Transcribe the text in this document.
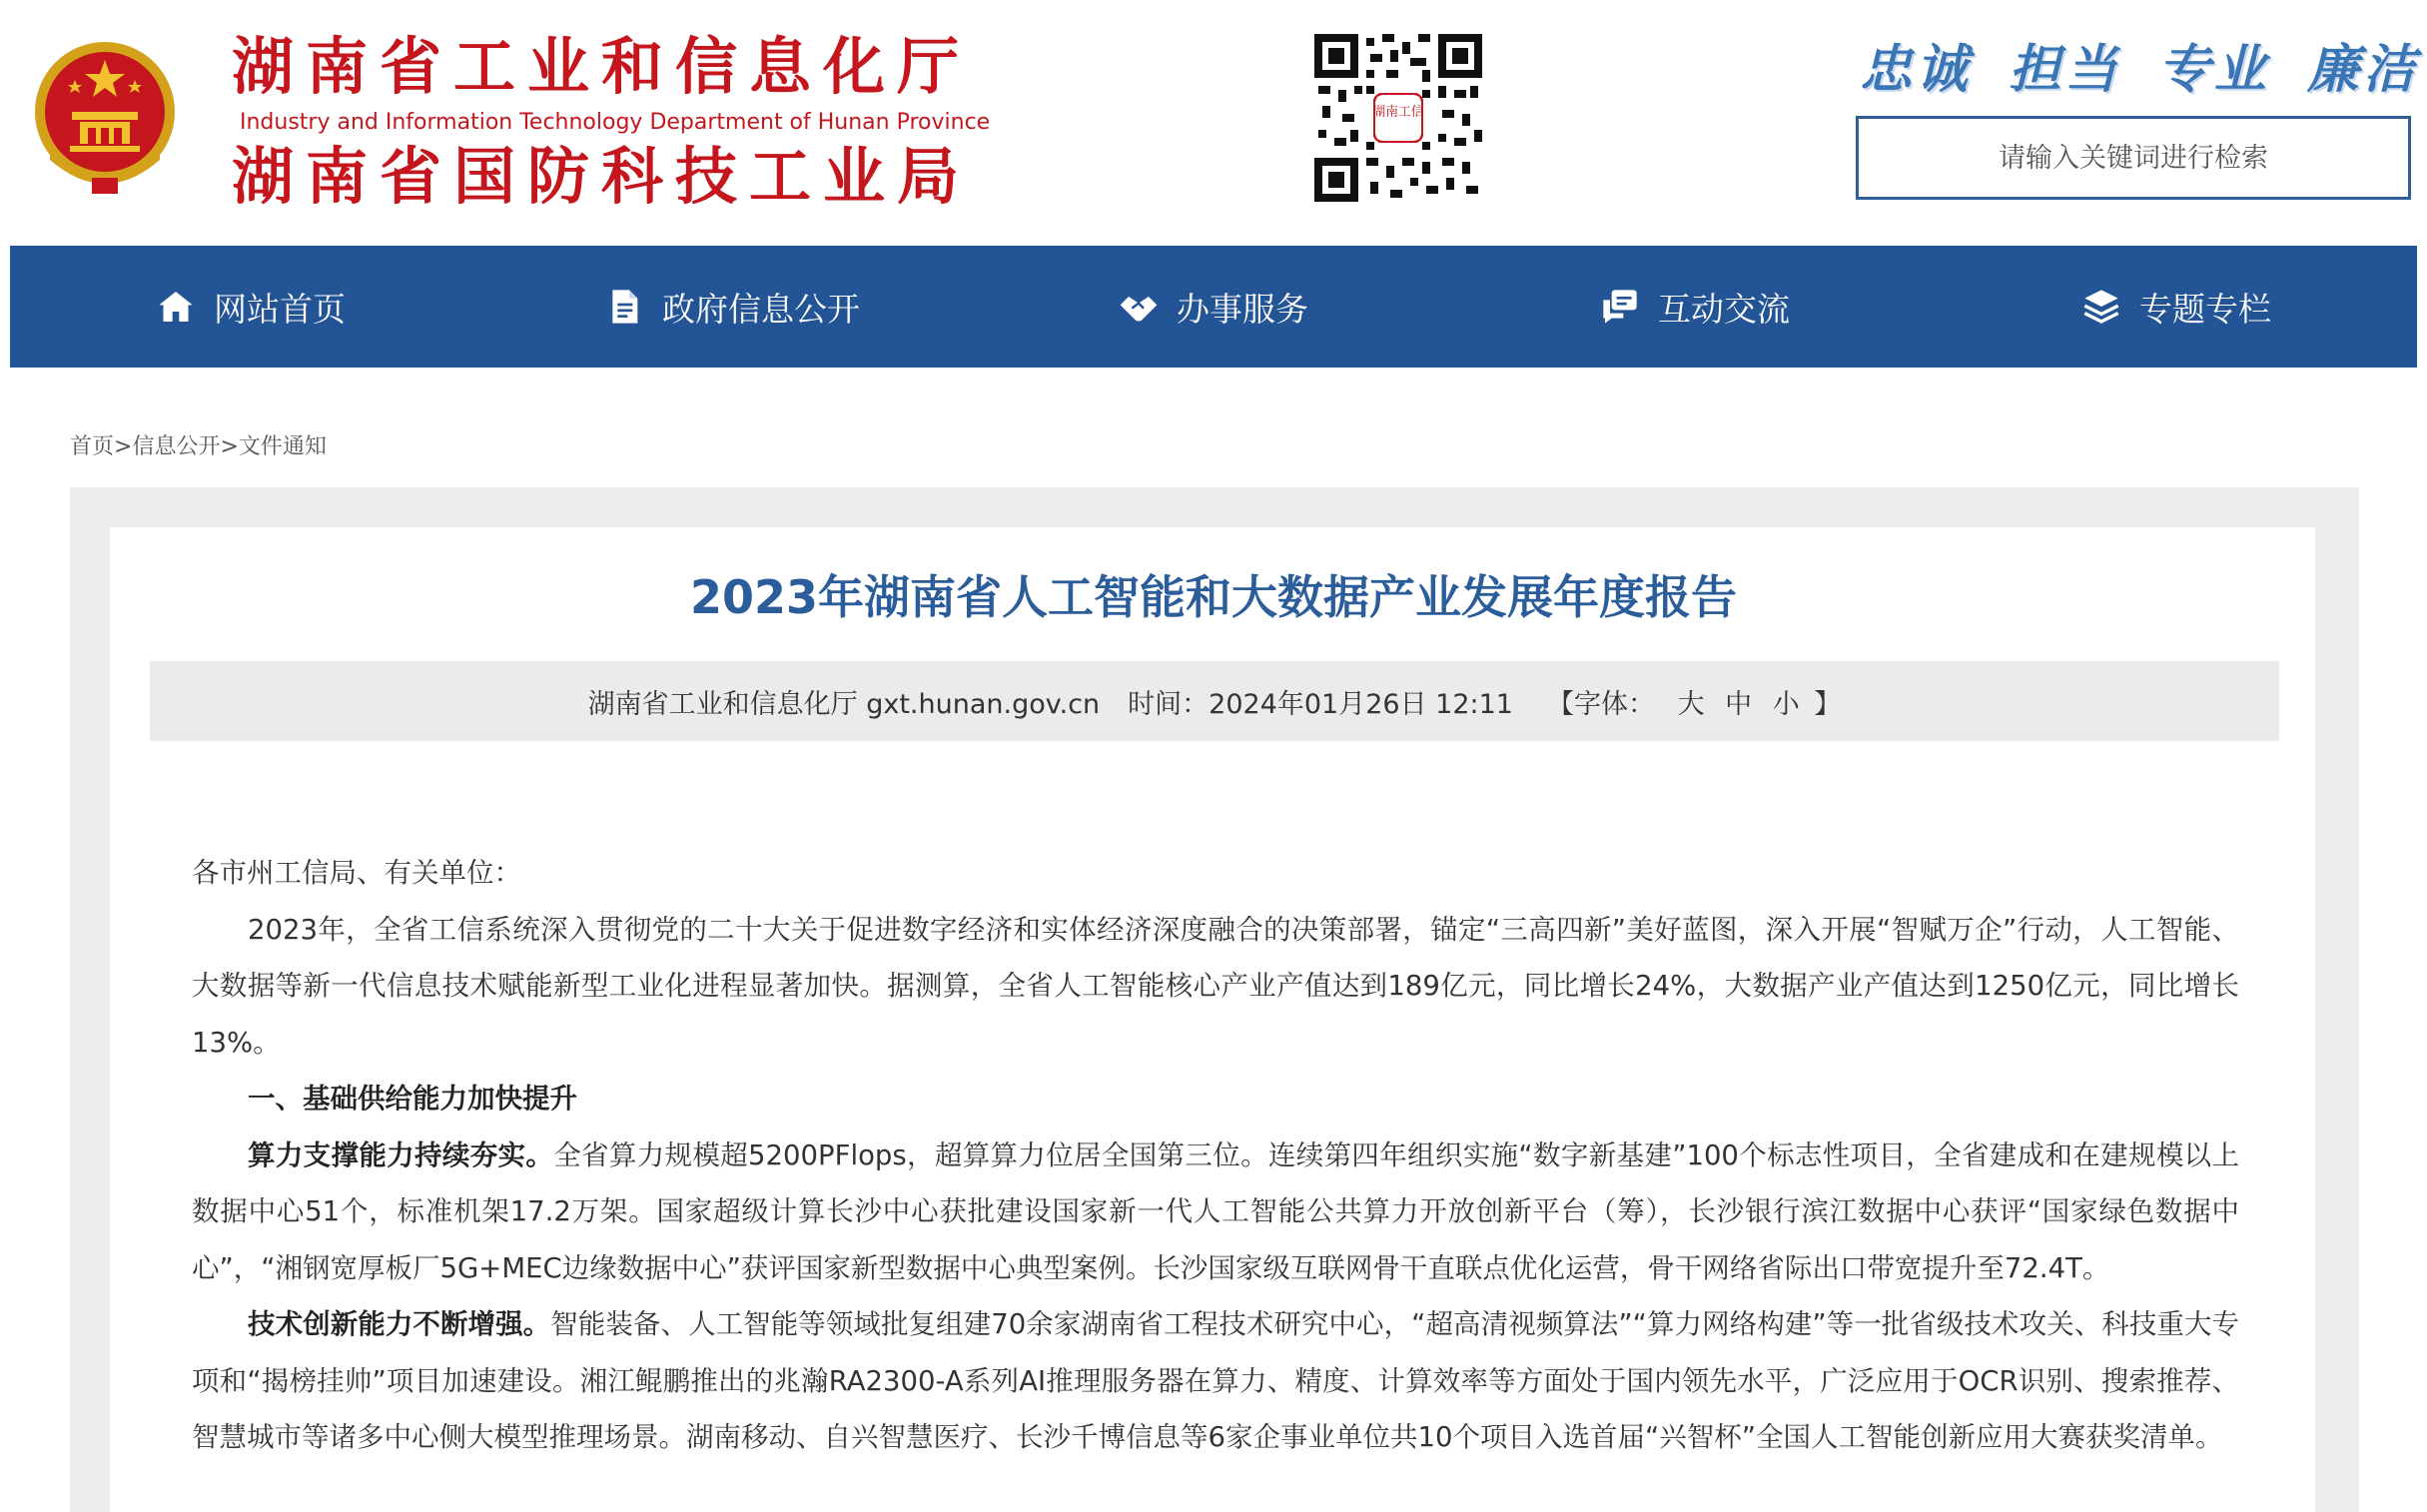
湖南省工业和信息化厅
Industry and Information Technology Department of Hunan Province
湖南省国防科技工业局
湖南工信
忠诚 担当 专业 廉洁
请输入关键词进行检索
网站首页	政府信息公开	办事服务	互动交流	专题专栏
首页>信息公开>文件通知
2023年湖南省人工智能和大数据产业发展年度报告
湖南省工业和信息化厅 gxt.hunan.gov.cn 时间：2024年01月26日 12:11 【字体： 大 中 小 】

各市州工信局、有关单位：

2023年，全省工信系统深入贯彻党的二十大关于促进数字经济和实体经济深度融合的决策部署，锚定“三高四新”美好蓝图，深入开展“智赋万企”行动，人工智能、大数据等新一代信息技术赋能新型工业化进程显著加快。据测算，全省人工智能核心产业产值达到189亿元，同比增长24%，大数据产业产值达到1250亿元，同比增长13%。

一、基础供给能力加快提升

算力支撑能力持续夯实。全省算力规模超5200PFlops，超算算力位居全国第三位。连续第四年组织实施“数字新基建”100个标志性项目，全省建成和在建规模以上数据中心51个，标准机架17.2万架。国家超级计算长沙中心获批建设国家新一代人工智能公共算力开放创新平台（筹），长沙银行滨江数据中心获评“国家绿色数据中心”，“湘钢宽厚板厂5G+MEC边缘数据中心”获评国家新型数据中心典型案例。长沙国家级互联网骨干直联点优化运营，骨干网络省际出口带宽提升至72.4T。

技术创新能力不断增强。智能装备、人工智能等领域批复组建70余家湖南省工程技术研究中心，“超高清视频算法”“算力网络构建”等一批省级技术攻关、科技重大专项和“揭榜挂帅”项目加速建设。湘江鲲鹏推出的兆瀚RA2300-A系列AI推理服务器在算力、精度、计算效率等方面处于国内领先水平，广泛应用于OCR识别、搜索推荐、智慧城市等诸多中心侧大模型推理场景。湖南移动、自兴智慧医疗、长沙千博信息等6家企事业单位共10个项目入选首届“兴智杯”全国人工智能创新应用大赛获奖清单。
